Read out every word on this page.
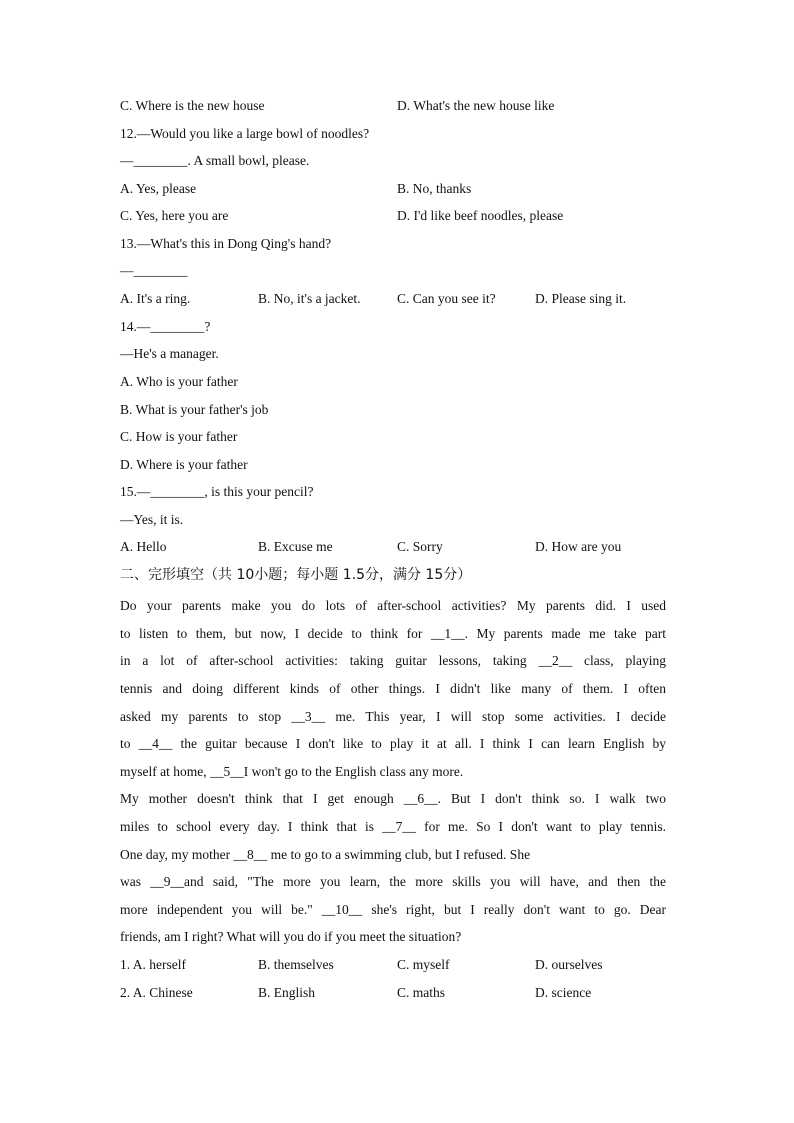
C. Where is the new house	D. What's the new house like
12.—Would you like a large bowl of noodles?
—________. A small bowl, please.
A. Yes, please	B. No, thanks
C. Yes, here you are	D. I'd like beef noodles, please
13.—What's this in Dong Qing's hand?
—________
A. It's a ring.	B. No, it's a jacket.	C. Can you see it?	D. Please sing it.
14.—________?
—He's a manager.
A. Who is your father
B. What is your father's job
C. How is your father
D. Where is your father
15.—________, is this your pencil?
—Yes, it is.
A. Hello	B. Excuse me	C. Sorry	D. How are you
二、完形填空（共 10小题；每小题 1.5分，满分 15分）
Do your parents make you do lots of after-school activities? My parents did. I used
to listen to them, but now, I decide to think for __1__. My parents made me take part
in a lot of after-school activities: taking guitar lessons, taking __2__ class, playing
tennis and doing different kinds of other things. I didn't like many of them. I often
asked my parents to stop __3__ me. This year, I will stop some activities. I decide
to __4__ the guitar because I don't like to play it at all. I think I can learn English by
myself at home, __5__I won't go to the English class any more.
My mother doesn't think that I get enough __6__. But I don't think so. I walk two
miles to school every day. I think that is __7__ for me. So I don't want to play tennis.
One day, my mother __8__ me to go to a swimming club, but I refused. She
was __9__and said, "The more you learn, the more skills you will have, and then the
more independent you will be." __10__ she's right, but I really don't want to go. Dear
friends, am I right? What will you do if you meet the situation?
1. A. herself	B. themselves	C. myself	D. ourselves
2. A. Chinese	B. English	C. maths	D. science
